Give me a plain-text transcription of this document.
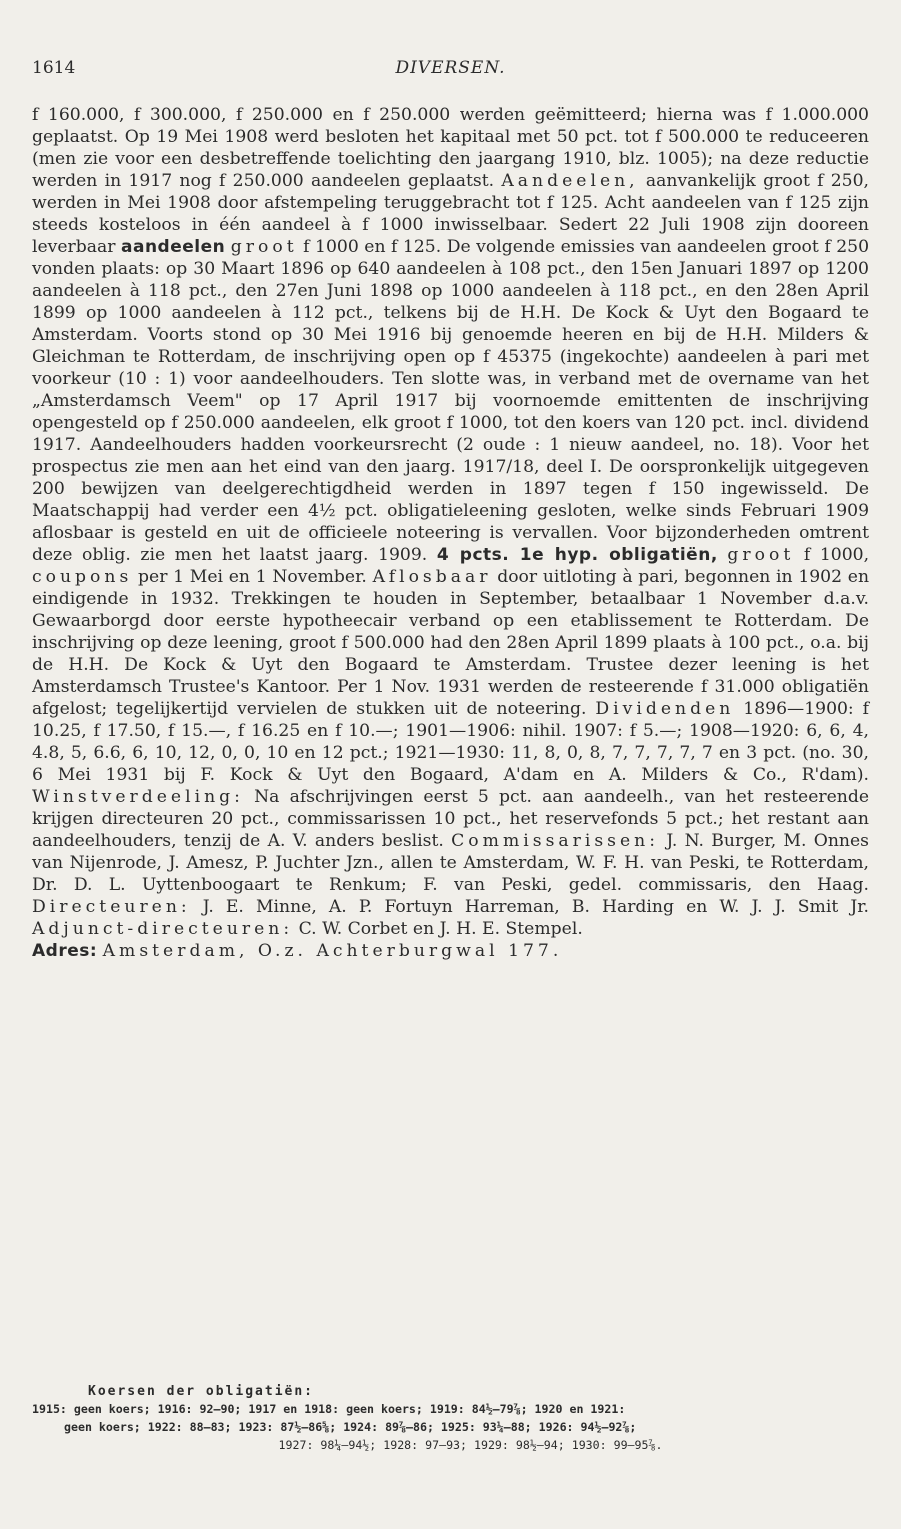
1614	DIVERSEN.

f 160.000, f 300.000, f 250.000 en f 250.000 werden geëmitteerd; hierna was f 1.000.000 geplaatst. Op 19 Mei 1908 werd besloten het kapitaal met 50 pct. tot f 500.000 te reduceeren (men zie voor een desbetreffende toelichting den jaargang 1910, blz. 1005); na deze reductie werden in 1917 nog f 250.000 aandeelen geplaatst. Aandeelen, aanvankelijk groot f 250, werden in Mei 1908 door afstempeling teruggebracht tot f 125. Acht aandeelen van f 125 zijn steeds kosteloos in één aandeel à f 1000 inwisselbaar. Sedert 22 Juli 1908 zijn dooreen leverbaar aandeelen groot f 1000 en f 125. De volgende emissies van aandeelen groot f 250 vonden plaats: op 30 Maart 1896 op 640 aandeelen à 108 pct., den 15en Januari 1897 op 1200 aandeelen à 118 pct., den 27en Juni 1898 op 1000 aandeelen à 118 pct., en den 28en April 1899 op 1000 aandeelen à 112 pct., telkens bij de H.H. De Kock & Uyt den Bogaard te Amsterdam. Voorts stond op 30 Mei 1916 bij genoemde heeren en bij de H.H. Milders & Gleichman te Rotterdam, de inschrijving open op f 45375 (ingekochte) aandeelen à pari met voorkeur (10 : 1) voor aandeelhouders. Ten slotte was, in verband met de overname van het „Amsterdamsch Veem" op 17 April 1917 bij voornoemde emittenten de inschrijving opengesteld op f 250.000 aandeelen, elk groot f 1000, tot den koers van 120 pct. incl. dividend 1917. Aandeelhouders hadden voorkeursrecht (2 oude : 1 nieuw aandeel, no. 18). Voor het prospectus zie men aan het eind van den jaarg. 1917/18, deel I. De oorspronkelijk uitgegeven 200 bewijzen van deelgerechtigdheid werden in 1897 tegen f 150 ingewisseld. De Maatschappij had verder een 4½ pct. obligatieleening gesloten, welke sinds Februari 1909 aflosbaar is gesteld en uit de officieele noteering is vervallen. Voor bijzonderheden omtrent deze oblig. zie men het laatst jaarg. 1909. 4 pcts. 1e hyp. obligatiën, groot f 1000, coupons per 1 Mei en 1 November. Aflosbaar door uitloting à pari, begonnen in 1902 en eindigende in 1932. Trekkingen te houden in September, betaalbaar 1 November d.a.v. Gewaarborgd door eerste hypotheecair verband op een etablissement te Rotterdam. De inschrijving op deze leening, groot f 500.000 had den 28en April 1899 plaats à 100 pct., o.a. bij de H.H. De Kock & Uyt den Bogaard te Amsterdam. Trustee dezer leening is het Amsterdamsch Trustee's Kantoor. Per 1 Nov. 1931 werden de resteerende f 31.000 obligatiën afgelost; tegelijkertijd vervielen de stukken uit de noteering. Dividenden 1896—1900: f 10.25, f 17.50, f 15.—, f 16.25 en f 10.—; 1901—1906: nihil. 1907: f 5.—; 1908—1920: 6, 6, 4, 4.8, 5, 6.6, 6, 10, 12, 0, 0, 10 en 12 pct.; 1921—1930: 11, 8, 0, 8, 7, 7, 7, 7, 7 en 3 pct. (no. 30, 6 Mei 1931 bij F. Kock & Uyt den Bogaard, A'dam en A. Milders & Co., R'dam). Winstverdeeling: Na afschrijvingen eerst 5 pct. aan aandeelh., van het resteerende krijgen directeuren 20 pct., commissarissen 10 pct., het reservefonds 5 pct.; het restant aan aandeelhouders, tenzij de A. V. anders beslist. Commissarissen: J. N. Burger, M. Onnes van Nijenrode, J. Amesz, P. Juchter Jzn., allen te Amsterdam, W. F. H. van Peski, te Rotterdam, Dr. D. L. Uyttenboogaart te Renkum; F. van Peski, gedel. commissaris, den Haag. Directeuren: J. E. Minne, A. P. Fortuyn Harreman, B. Harding en W. J. J. Smit Jr. Adjunct-directeuren: C. W. Corbet en J. H. E. Stempel.

Adres: Amsterdam, O.z. Achterburgwal 177.

Koersen der obligatiën:
1915: geen koers; 1916: 92—90; 1917 en 1918: geen koers; 1919: 84½—79⅞; 1920 en 1921:
geen koers; 1922: 88—83; 1923: 87½—86⅝; 1924: 89⅞—86; 1925: 93¼—88; 1926: 94½—92⅞;
1927: 98¼—94½; 1928: 97—93; 1929: 98½—94; 1930: 99—95⅞.
